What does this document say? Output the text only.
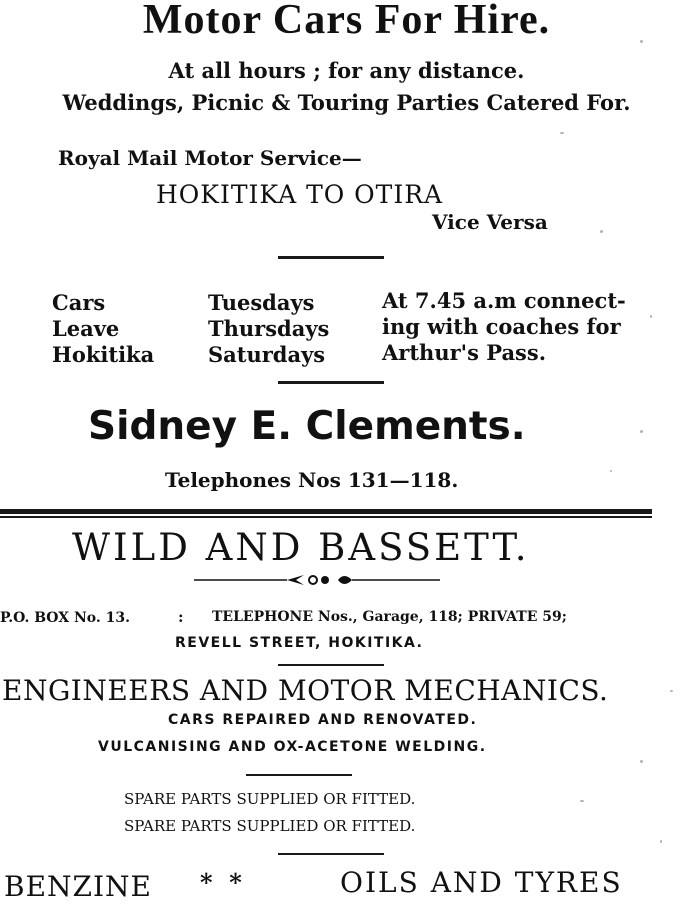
Motor Cars For Hire.
At all hours ; for any distance.
Weddings, Picnic & Touring Parties Catered For.
Royal Mail Motor Service—
HOKITIKA TO OTIRA
Vice Versa
Cars
Leave
Hokitika
Tuesdays
Thursdays
Saturdays
At 7.45 a.m connect-
ing with coaches for
Arthur's Pass.
Sidney E. Clements.
Telephones Nos 131—118.
WILD AND BASSETT.
P.O. BOX No. 13.	: TELEPHONE Nos., Garage, 118; PRIVATE 59;
REVELL STREET, HOKITIKA.
ENGINEERS AND MOTOR MECHANICS.
CARS REPAIRED AND RENOVATED.
VULCANISING AND OX-ACETONE WELDING.
SPARE PARTS SUPPLIED OR FITTED.
SPARE PARTS SUPPLIED OR FITTED.
BENZINE *  *	OILS AND TYRES
